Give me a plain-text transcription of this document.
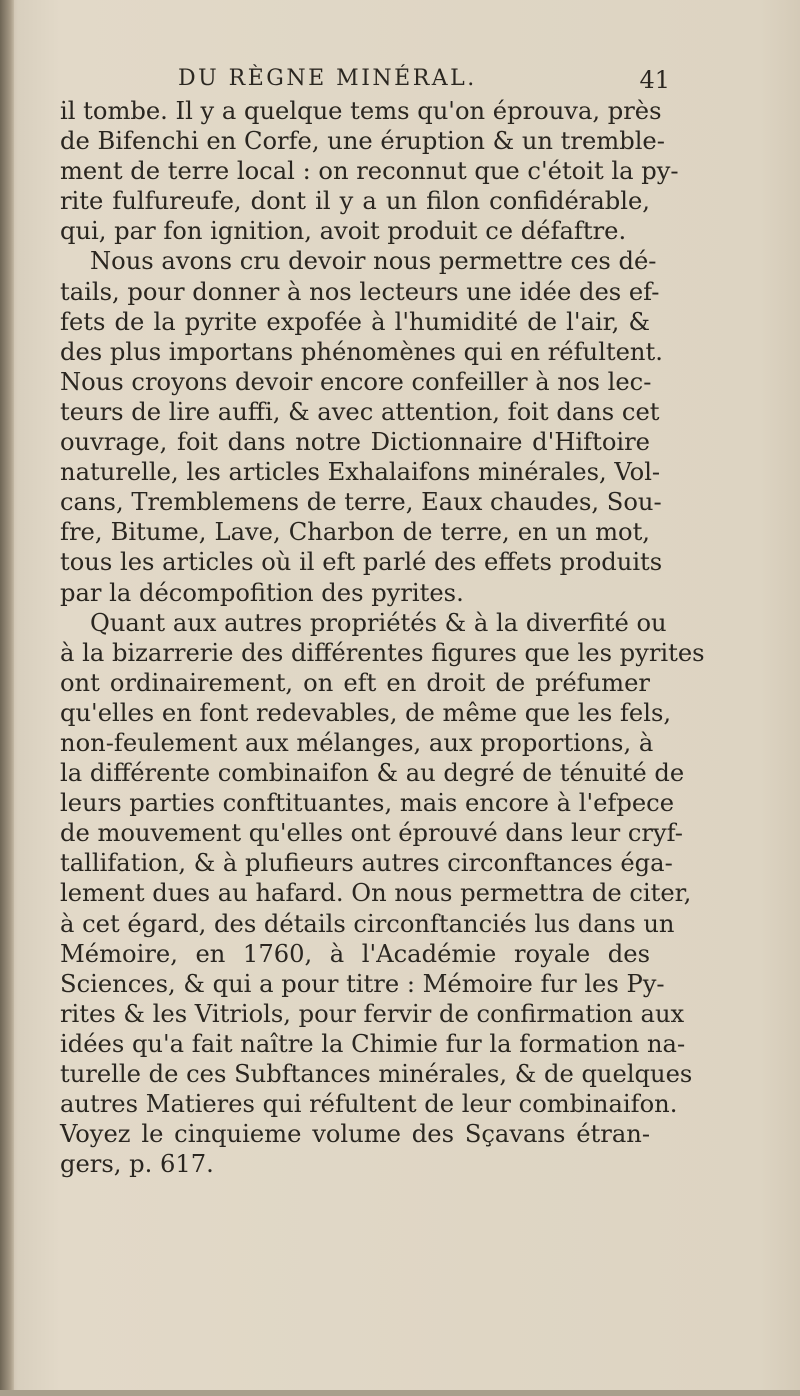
DU RÈGNE MINÉRAL.	41
il tombe. Il y a quelque tems qu'on éprouva, près
de Bifenchi en Corfe, une éruption & un tremble-
ment de terre local : on reconnut que c'étoit la py-
rite fulfureufe, dont il y a un filon confidérable,
qui, par fon ignition, avoit produit ce défaftre.
Nous avons cru devoir nous permettre ces dé-
tails, pour donner à nos lecteurs une idée des ef-
fets de la pyrite expofée à l'humidité de l'air, &
des plus importans phénomènes qui en réfultent.
Nous croyons devoir encore confeiller à nos lec-
teurs de lire auffi, & avec attention, foit dans cet
ouvrage, foit dans notre Dictionnaire d'Hiftoire
naturelle, les articles Exhalaifons minérales, Vol-
cans, Tremblemens de terre, Eaux chaudes, Sou-
fre, Bitume, Lave, Charbon de terre, en un mot,
tous les articles où il eft parlé des effets produits
par la décompofition des pyrites.
Quant aux autres propriétés & à la diverfité ou
à la bizarrerie des différentes figures que les pyrites
ont ordinairement, on eft en droit de préfumer
qu'elles en font redevables, de même que les fels,
non-feulement aux mélanges, aux proportions, à
la différente combinaifon & au degré de ténuité de
leurs parties conftituantes, mais encore à l'efpece
de mouvement qu'elles ont éprouvé dans leur cryf-
tallifation, & à plufieurs autres circonftances éga-
lement dues au hafard. On nous permettra de citer,
à cet égard, des détails circonftanciés lus dans un
Mémoire, en 1760, à l'Académie royale des
Sciences, & qui a pour titre : Mémoire fur les Py-
rites & les Vitriols, pour fervir de confirmation aux
idées qu'a fait naître la Chimie fur la formation na-
turelle de ces Subftances minérales, & de quelques
autres Matieres qui réfultent de leur combinaifon.
Voyez le cinquieme volume des Sçavans étran-
gers, p. 617.
